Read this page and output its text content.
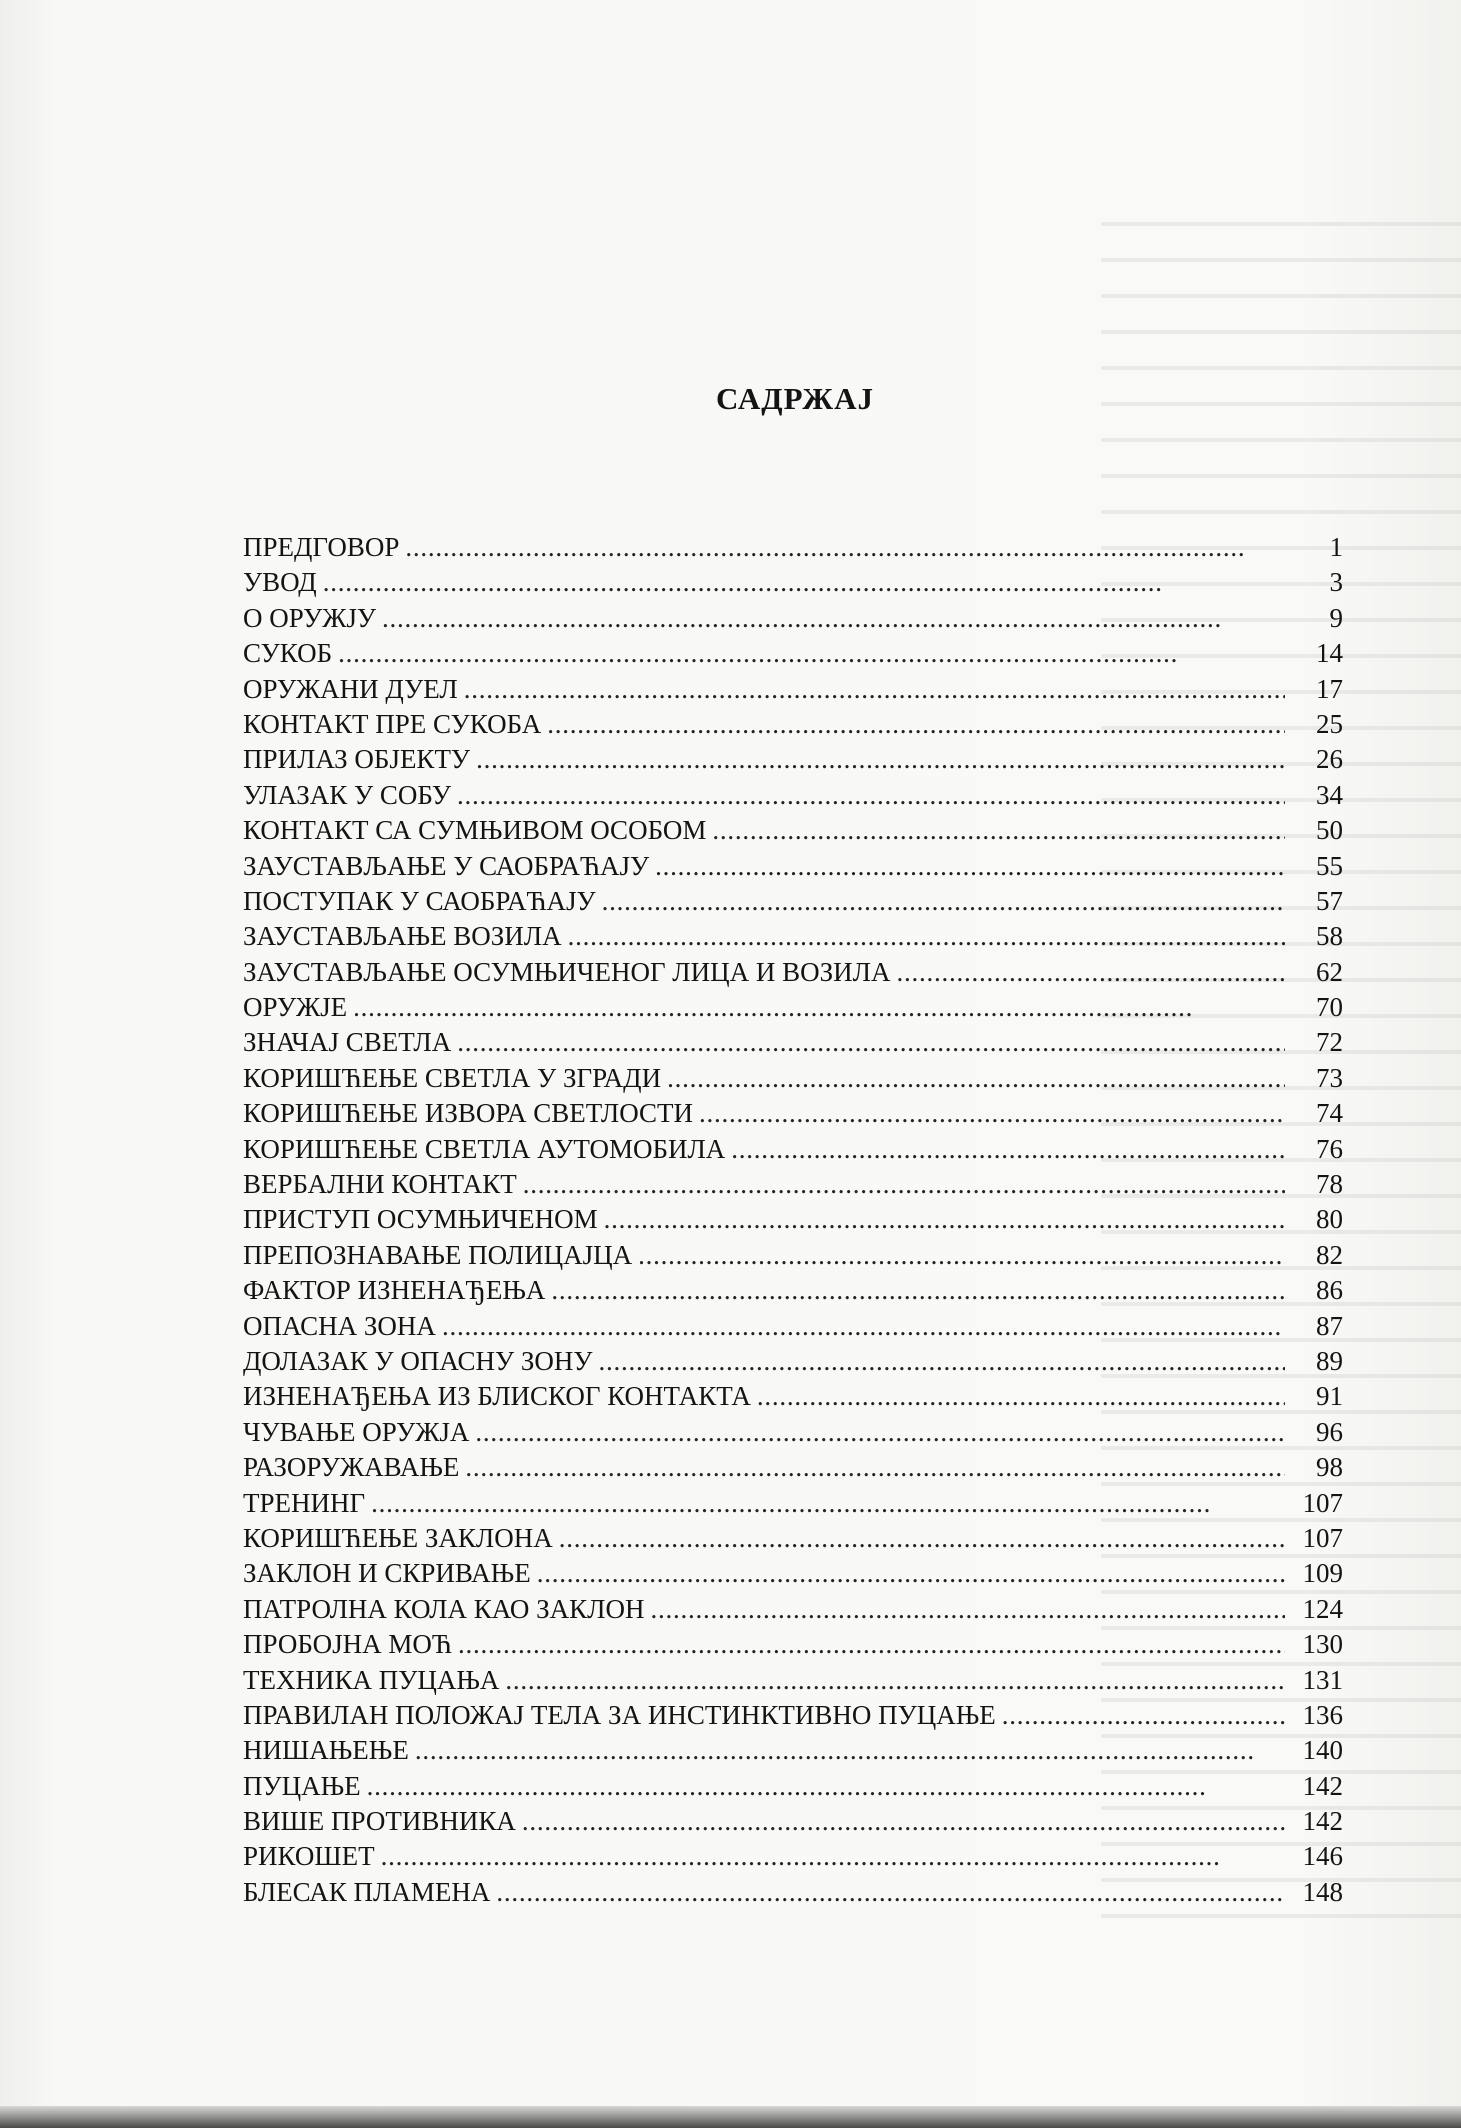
САДРЖАЈ
ПРЕДГОВОР . . .	1
УВОД . . .	3
О ОРУЖЈУ . . .	9
СУКОБ . . .	14
ОРУЖАНИ ДУЕЛ . . .	17
КОНТАКТ ПРЕ СУКОБА . . .	25
ПРИЛАЗ ОБЈЕКТУ . . .	26
УЛАЗАК У СОБУ . . .	34
КОНТАКТ СА СУМЊИВОМ ОСОБОМ . . .	50
ЗАУСТАВЉАЊЕ У САОБРАЋАЈУ . . .	55
ПОСТУПАК У САОБРАЋАЈУ . . .	57
ЗАУСТАВЉАЊЕ ВОЗИЛА . . .	58
ЗАУСТАВЉАЊЕ ОСУМЊИЧЕНОГ ЛИЦА И ВОЗИЛА . . .	62
ОРУЖЈЕ . . .	70
ЗНАЧАЈ СВЕТЛА . . .	72
КОРИШЋЕЊЕ СВЕТЛА У ЗГРАДИ . . .	73
КОРИШЋЕЊЕ ИЗВОРА СВЕТЛОСТИ . . .	74
КОРИШЋЕЊЕ СВЕТЛА АУТОМОБИЛА . . .	76
ВЕРБАЛНИ КОНТАКТ . . .	78
ПРИСТУП ОСУМЊИЧЕНОМ . . .	80
ПРЕПОЗНАВАЊЕ ПОЛИЦАЈЦА . . .	82
ФАКТОР ИЗНЕНАЂЕЊА . . .	86
ОПАСНА ЗОНА . . .	87
ДОЛАЗАК У ОПАСНУ ЗОНУ . . .	89
ИЗНЕНАЂЕЊА ИЗ БЛИСКОГ КОНТАКТА . . .	91
ЧУВАЊЕ ОРУЖЈА . . .	96
РАЗОРУЖАВАЊЕ . . .	98
ТРЕНИНГ . . .	107
КОРИШЋЕЊЕ ЗАКЛОНА . . .	107
ЗАКЛОН И СКРИВАЊЕ . . .	109
ПАТРОЛНА КОЛА КАО ЗАКЛОН . . .	124
ПРОБОЈНА МОЋ . . .	130
ТЕХНИКА ПУЦАЊА . . .	131
ПРАВИЛАН ПОЛОЖАЈ ТЕЛА ЗА ИНСТИНКТИВНО ПУЦАЊЕ . . .	136
НИШАЊЕЊЕ . . .	140
ПУЦАЊЕ . . .	142
ВИШЕ ПРОТИВНИКА . . .	142
РИКОШЕТ . . .	146
БЛЕСАК ПЛАМЕНА . . .	148
